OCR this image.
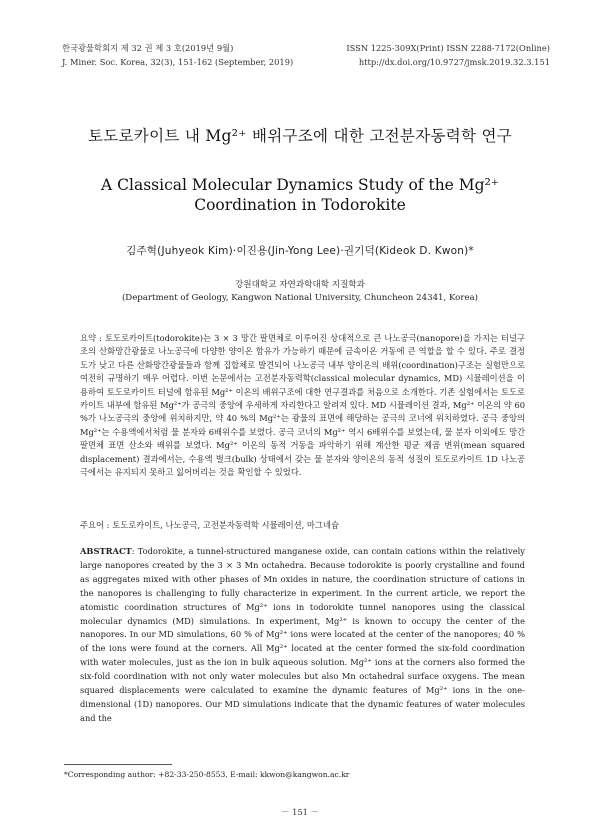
한국광물학회지 제 32 권 제 3 호(2019년 9월)
J. Miner. Soc. Korea, 32(3), 151-162 (September, 2019)
ISSN 1225-309X(Print) ISSN 2288-7172(Online)
http://dx.doi.org/10.9727/jmsk.2019.32.3.151
토도로카이트 내 Mg²⁺ 배위구조에 대한 고전분자동력학 연구
A Classical Molecular Dynamics Study of the Mg²⁺ Coordination in Todorokite
김주혁(Juhyeok Kim)·이진용(Jin-Yong Lee)·권기덕(Kideok D. Kwon)*
강원대학교 자연과학대학 지질학과
(Department of Geology, Kangwon National University, Chuncheon 24341, Korea)
요약 : 토도로카이트(todorokite)는 3 × 3 망간 팔면체로 이루어진 상대적으로 큰 나노공극(nanopore)을 가지는 터널구조의 산화망간광물로 나노공극에 다양한 양이온 함유가 가능하기 때문에 금속이온 거동에 큰 역할을 할 수 있다. 주로 결정도가 낮고 다른 산화망간광물들과 함께 집합체로 발견되어 나노공극 내부 양이온의 배위(coordination)구조는 실험만으로 여전히 규명하기 매우 어렵다. 이번 논문에서는 고전분자동력학(classical molecular dynamics, MD) 시뮬레이션을 이용하여 토도로카이트 터널에 함유된 Mg²⁺ 이온의 배위구조에 대한 연구결과를 처음으로 소개한다. 기존 실험에서는 토도로카이트 내부에 함유된 Mg²⁺가 공극의 중앙에 우세하게 자리한다고 알려져 있다. MD 시뮬레이션 결과, Mg²⁺ 이온의 약 60 %가 나노공극의 중앙에 위치하지만, 약 40 %의 Mg²⁺는 광물의 표면에 해당하는 공극의 코너에 위치하였다. 공극 중앙의 Mg²⁺는 수용액에서처럼 물 분자와 6배위수를 보였다. 공극 코너의 Mg²⁺ 역시 6배위수를 보였는데, 물 분자 이외에도 망간 팔면체 표면 산소와 배위를 보였다. Mg²⁺ 이온의 동적 거동을 파악하기 위해 계산한 평균 제곱 변위(mean squared displacement) 결과에서는, 수용액 벌크(bulk) 상태에서 갖는 물 분자와 양이온의 동적 성질이 토도로카이트 1D 나노공극에서는 유지되지 못하고 잃어버리는 것을 확인할 수 있었다.
주요어 : 토도로카이트, 나노공극, 고전분자동력학 시뮬레이션, 마그네슘
ABSTRACT: Todorokite, a tunnel-structured manganese oxide, can contain cations within the relatively large nanopores created by the 3 × 3 Mn octahedra. Because todorokite is poorly crystalline and found as aggregates mixed with other phases of Mn oxides in nature, the coordination structure of cations in the nanopores is challenging to fully characterize in experiment. In the current article, we report the atomistic coordination structures of Mg²⁺ ions in todorokite tunnel nanopores using the classical molecular dynamics (MD) simulations. In experiment, Mg²⁺ is known to occupy the center of the nanopores. In our MD simulations, 60 % of Mg²⁺ ions were located at the center of the nanopores; 40 % of the ions were found at the corners. All Mg²⁺ located at the center formed the six-fold coordination with water molecules, just as the ion in bulk aqueous solution. Mg²⁺ ions at the corners also formed the six-fold coordination with not only water molecules but also Mn octahedral surface oxygens. The mean squared displacements were calculated to examine the dynamic features of Mg²⁺ ions in the one-dimensional (1D) nanopores. Our MD simulations indicate that the dynamic features of water molecules and the
*Corresponding author: +82-33-250-8553, E-mail: kkwon@kangwon.ac.kr
－ 151 －
